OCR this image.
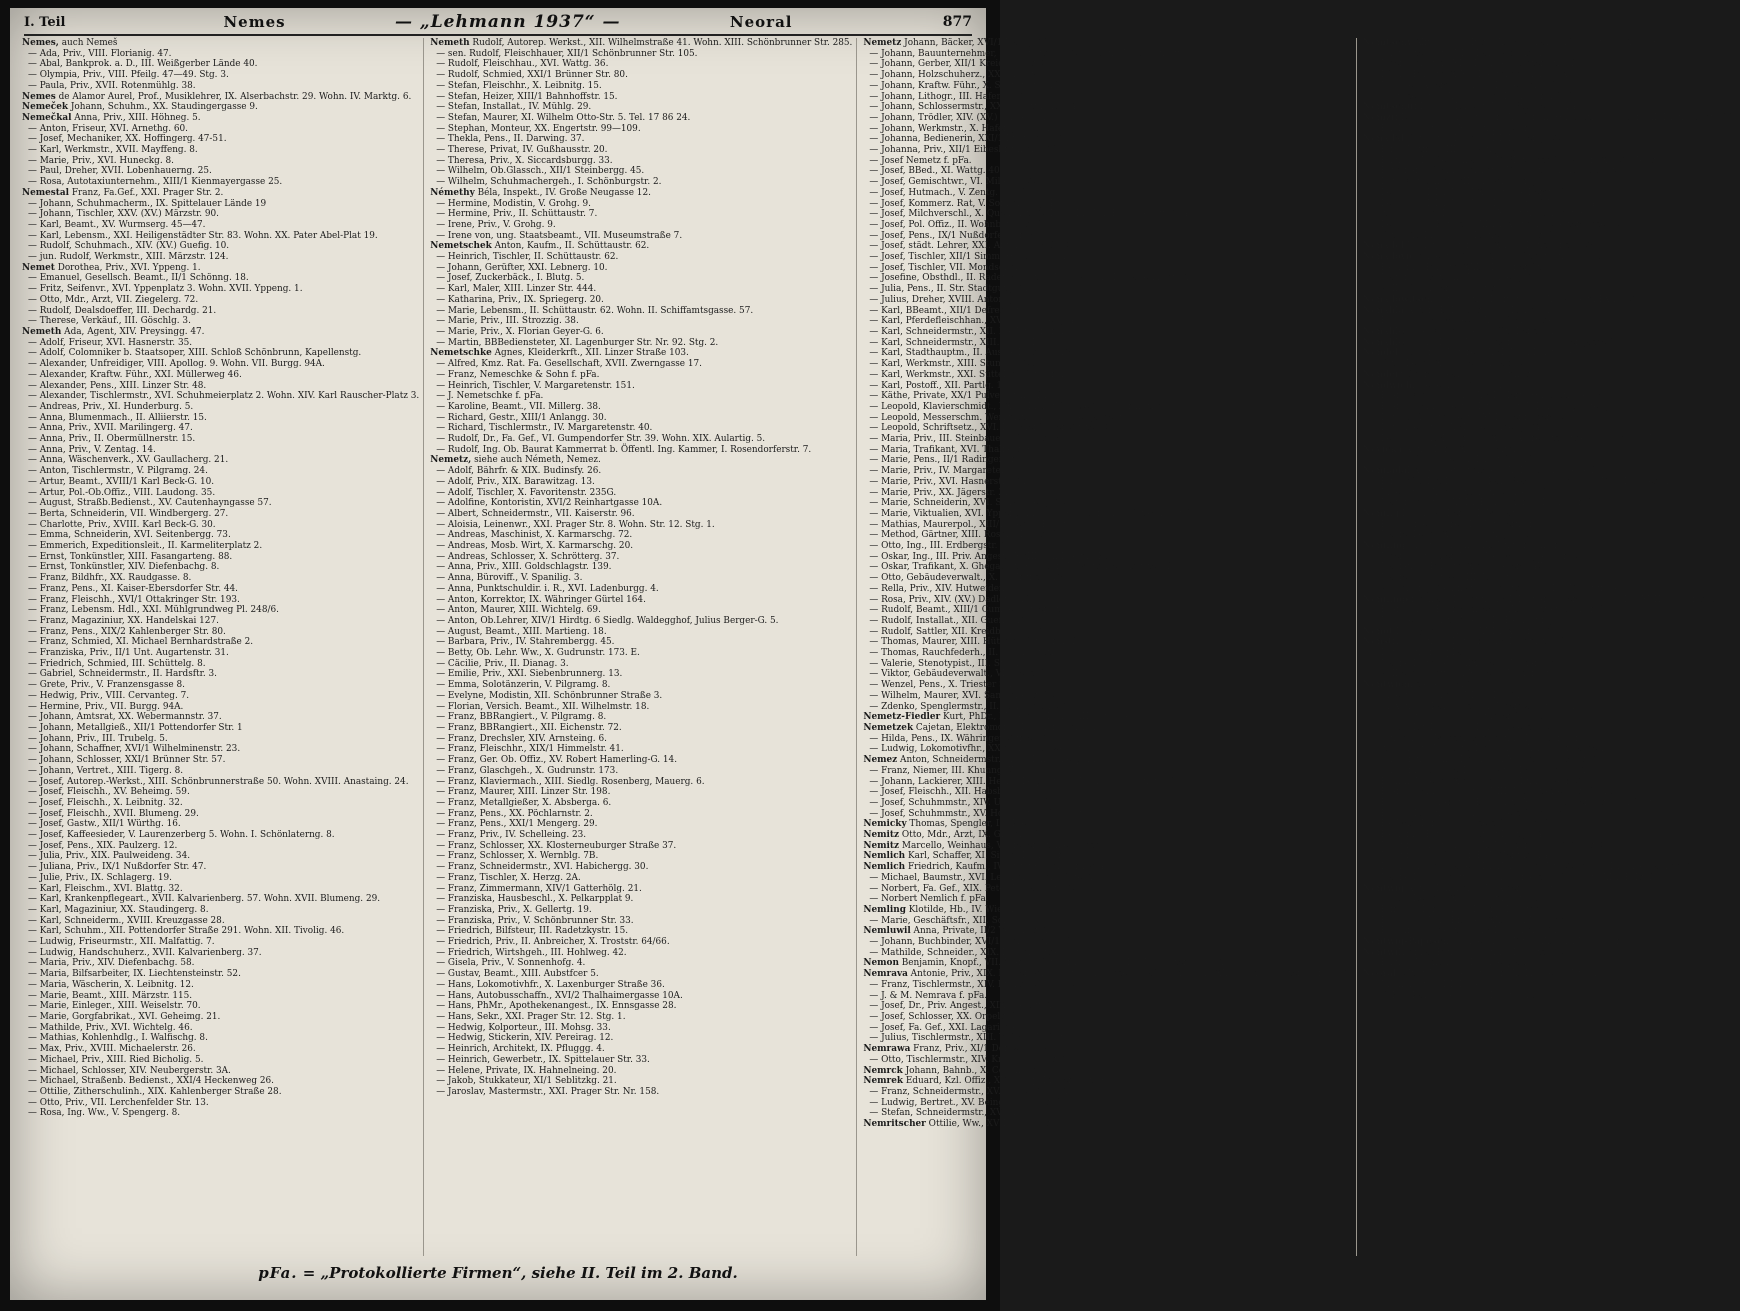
I. Teil	Nemes	— „Lehmann 1937“ —	Neoral	877
Nemes, auch Nemeš
— Ada, Priv., VIII. Florianig. 47.
— Abal, Bankprok. a. D., III. Weißgerber Lände 40.
— Olympia, Priv., VIII. Pfeilg. 47—49. Stg. 3.
— Paula, Priv., XVII. Rotenmühlg. 38.
Nemes de Alamor Aurel, Prof., Musiklehrer, IX. Alserbachstr. 29. Wohn. IV. Marktg. 6.
Nemeček Johann, Schuhm., XX. Staudingergasse 9.
Nemečkal Anna, Priv., XIII. Höhneg. 5.
— Anton, Friseur, XVI. Arnethg. 60.
— Josef, Mechaniker, XX. Hoffingerg. 47-51.
— Karl, Werkmstr., XVII. Mayffeng. 8.
— Marie, Priv., XVI. Huneckg. 8.
— Paul, Dreher, XVII. Lobenhauerng. 25.
— Rosa, Autotaxiunternehm., XIII/1 Kienmayergasse 25.
Nemestal Franz, Fa.Gef., XXI. Prager Str. 2.
— Johann, Schuhmacherm., IX. Spittelauer Lände 19
— Johann, Tischler, XXV. (XV.) Märzstr. 90.
— Karl, Beamt., XV. Wurmserg. 45—47.
— Karl, Lebensm., XXI. Heiligenstädter Str. 83. Wohn. XX. Pater Abel-Plat 19.
— Rudolf, Schuhmach., XIV. (XV.) Guefig. 10.
— jun. Rudolf, Werkmstr., XIII. Märzstr. 124.
Nemet Dorothea, Priv., XVI. Yppeng. 1.
— Emanuel, Gesellsch. Beamt., II/1 Schönng. 18.
— Fritz, Seifenvr., XVI. Yppenplatz 3. Wohn. XVII. Yppeng. 1.
— Otto, Mdr., Arzt, VII. Ziegelerg. 72.
— Rudolf, Dealsdoeffer, III. Dechardg. 21.
— Therese, Verkäuf., III. Göschlg. 3.
Nemeth Ada, Agent, XIV. Preysingg. 47.
— Adolf, Friseur, XVI. Hasnerstr. 35.
— Adolf, Colomniker b. Staatsoper, XIII. Schloß Schönbrunn, Kapellenstg.
— Alexander, Unfreidiger, VIII. Apollog. 9. Wohn. VII. Burgg. 94A.
— Alexander, Kraftw. Führ., XXI. Müllerweg 46.
— Alexander, Pens., XIII. Linzer Str. 48.
— Alexander, Tischlermstr., XVI. Schuhmeierplatz 2. Wohn. XIV. Karl Rauscher-Platz 3.
— Andreas, Priv., XI. Hunderburg. 5.
— Anna, Blumenmach., II. Alliierstr. 15.
— Anna, Priv., XVII. Marilingerg. 47.
— Anna, Priv., II. Obermüllnerstr. 15.
— Anna, Priv., V. Zentag. 14.
— Anna, Wäschenverk., XV. Gaullacherg. 21.
— Anton, Tischlermstr., V. Pilgramg. 24.
— Artur, Beamt., XVIII/1 Karl Beck-G. 10.
— Artur, Pol.-Ob.Offiz., VIII. Laudong. 35.
— August, Straßb.Bedienst., XV. Cautenhayngasse 57.
— Berta, Schneiderin, VII. Windbergerg. 27.
— Charlotte, Priv., XVIII. Karl Beck-G. 30.
— Emma, Schneiderin, XVI. Seitenbergg. 73.
— Emmerich, Expeditionsleit., II. Karmeliterplatz 2.
— Ernst, Tonkünstler, XIII. Fasangarteng. 88.
— Ernst, Tonkünstler, XIV. Diefenbachg. 8.
— Franz, Bildhfr., XX. Raudgasse. 8.
— Franz, Pens., XI. Kaiser-Ebersdorfer Str. 44.
— Franz, Fleischh., XVI/1 Ottakringer Str. 193.
— Franz, Lebensm. Hdl., XXI. Mühlgrundweg Pl. 248/6.
— Franz, Magaziniur, XX. Handelskai 127.
— Franz, Pens., XIX/2 Kahlenberger Str. 80.
— Franz, Schmied, XI. Michael Bernhardstraße 2.
— Franziska, Priv., II/1 Unt. Augartenstr. 31.
— Friedrich, Schmied, III. Schüttelg. 8.
— Gabriel, Schneidermstr., II. Hardsftr. 3.
— Grete, Priv., V. Franzensgasse 8.
— Hedwig, Priv., VIII. Cervanteg. 7.
— Hermine, Priv., VII. Burgg. 94A.
— Johann, Amtsrat, XX. Webermannstr. 37.
— Johann, Metallgieß., XII/1 Pottendorfer Str. 1
— Johann, Priv., III. Trubelg. 5.
— Johann, Schaffner, XVI/1 Wilhelminenstr. 23.
— Johann, Schlosser, XXI/1 Brünner Str. 57.
— Johann, Vertret., XIII. Tigerg. 8.
— Josef, Autorep.-Werkst., XIII. Schönbrunnerstraße 50. Wohn. XVIII. Anastaing. 24.
— Josef, Fleischh., XV. Beheimg. 59.
— Josef, Fleischh., X. Leibnitg. 32.
— Josef, Fleischh., XVII. Blumeng. 29.
— Josef, Gastw., XII/1 Würthg. 16.
— Josef, Kaffeesieder, V. Laurenzerberg 5. Wohn. I. Schönlaterng. 8.
— Josef, Pens., XIX. Paulzerg. 12.
— Julia, Priv., XIX. Paulweideng. 34.
— Juliana, Priv., IX/1 Nußdorfer Str. 47.
— Julie, Priv., IX. Schlagerg. 19.
— Karl, Fleischm., XVI. Blattg. 32.
— Karl, Krankenpflegeart., XVII. Kalvarienberg. 57. Wohn. XVII. Blumeng. 29.
— Karl, Magaziniur, XX. Staudingerg. 8.
— Karl, Schneiderm., XVIII. Kreuzgasse 28.
— Karl, Schuhm., XII. Pottendorfer Straße 291. Wohn. XII. Tivolig. 46.
— Ludwig, Friseurmstr., XII. Malfattig. 7.
— Ludwig, Handschuherz., XVII. Kalvarienberg. 37.
— Maria, Priv., XIV. Diefenbachg. 58.
— Maria, Bilfsarbeiter, IX. Liechtensteinstr. 52.
— Maria, Wäscherin, X. Leibnitg. 12.
— Marie, Beamt., XIII. Märzstr. 115.
— Marie, Einleger., XIII. Weiselstr. 70.
— Marie, Gorgfabrikat., XVI. Geheimg. 21.
— Mathilde, Priv., XVI. Wichtelg. 46.
— Mathias, Kohlenhdlg., I. Walfischg. 8.
— Max, Priv., XVIII. Michaelerstr. 26.
— Michael, Priv., XIII. Ried Bicholig. 5.
— Michael, Schlosser, XIV. Neubergerstr. 3A.
— Michael, Straßenb. Bedienst., XXI/4 Heckenweg 26.
— Ottilie, Zitherschulinh., XIX. Kahlenberger Straße 28.
— Otto, Priv., VII. Lerchenfelder Str. 13.
— Rosa, Ing. Ww., V. Spengerg. 8.
Nemeth Rudolf, Autorep. Werkst., XII. Wilhelmstraße 41. Wohn. XIII. Schönbrunner Str. 285.
— sen. Rudolf, Fleischhauer, XII/1 Schönbrunner Str. 105.
— Rudolf, Fleischhau., XVI. Wattg. 36.
— Rudolf, Schmied, XXI/1 Brünner Str. 80.
— Stefan, Fleischhr., X. Leibnitg. 15.
— Stefan, Heizer, XIII/1 Bahnhoffstr. 15.
— Stefan, Installat., IV. Mühlg. 29.
— Stefan, Maurer, XI. Wilhelm Otto-Str. 5. Tel. 17 86 24.
— Stephan, Monteur, XX. Engertstr. 99—109.
— Thekla, Pens., II. Darwing. 37.
— Therese, Privat, IV. Gußhausstr. 20.
— Theresa, Priv., X. Siccardsburgg. 33.
— Wilhelm, Ob.Glassch., XII/1 Steinbergg. 45.
— Wilhelm, Schuhmachergeh., I. Schönburgstr. 2.
Némethy Béla, Inspekt., IV. Große Neugasse 12.
— Hermine, Modistin, V. Grohg. 9.
— Hermine, Priv., II. Schüttaustr. 7.
— Irene, Priv., V. Grohg. 9.
— Irene von, ung. Staatsbeamt., VII. Museumstraße 7.
Nemetschek Anton, Kaufm., II. Schüttaustr. 62.
— Heinrich, Tischler, II. Schüttaustr. 62.
— Johann, Gerüfter, XXI. Lebnerg. 10.
— Josef, Zuckerbäck., I. Blutg. 5.
— Karl, Maler, XIII. Linzer Str. 444.
— Katharina, Priv., IX. Spriegerg. 20.
— Marie, Lebensm., II. Schüttaustr. 62. Wohn. II. Schiffamtsgasse. 57.
— Marie, Priv., III. Strozzig. 38.
— Marie, Priv., X. Florian Geyer-G. 6.
— Martin, BBBediensteter, XI. Lagenburger Str. Nr. 92. Stg. 2.
Nemetschke Agnes, Kleiderkrft., XII. Linzer Straße 103.
— Alfred, Kmz. Rat. Fa. Gesellschaft, XVII. Zwerngasse 17.
— Franz, Nemeschke & Sohn f. pFa.
— Heinrich, Tischler, V. Margaretenstr. 151.
— J. Nemetschke f. pFa.
— Karoline, Beamt., VII. Millerg. 38.
— Richard, Gestr., XIII/1 Anlangg. 30.
— Richard, Tischlermstr., IV. Margaretenstr. 40.
— Rudolf, Dr., Fa. Gef., VI. Gumpendorfer Str. 39. Wohn. XIX. Aulartig. 5.
— Rudolf, Ing. Ob. Baurat Kammerrat b. Öffentl. Ing. Kammer, I. Rosendorferstr. 7.
Nemetz, siehe auch Németh, Nemez.
— Adolf, Bährfr. & XIX. Budinsfy. 26.
— Adolf, Priv., XIX. Barawitzag. 13.
— Adolf, Tischler, X. Favoritenstr. 235G.
— Adolfine, Kontoristin, XVI/2 Reinhartgasse 10A.
— Albert, Schneidermstr., VII. Kaiserstr. 96.
— Aloisia, Leinenwr., XXI. Prager Str. 8. Wohn. Str. 12. Stg. 1.
— Andreas, Maschinist, X. Karmarschg. 72.
— Andreas, Mosb. Wirt, X. Karmarschg. 20.
— Andreas, Schlosser, X. Schrötterg. 37.
— Anna, Priv., XIII. Goldschlagstr. 139.
— Anna, Büroviff., V. Spanilig. 3.
— Anna, Punktschuldir. i. R., XVI. Ladenburgg. 4.
— Anton, Korrektor, IX. Währinger Gürtel 164.
— Anton, Maurer, XIII. Wichtelg. 69.
— Anton, Ob.Lehrer, XIV/1 Hirdtg. 6 Siedlg. Waldegghof, Julius Berger-G. 5.
— August, Beamt., XIII. Martieng. 18.
— Barbara, Priv., IV. Stahrembergg. 45.
— Betty, Ob. Lehr. Ww., X. Gudrunstr. 173. E.
— Cäcilie, Priv., II. Dianag. 3.
— Emilie, Priv., XXI. Siebenbrunnerg. 13.
— Emma, Solotänzerin, V. Pilgramg. 8.
— Evelyne, Modistin, XII. Schönbrunner Straße 3.
— Florian, Versich. Beamt., XII. Wilhelmstr. 18.
— Franz, BBRangiert., V. Pilgramg. 8.
— Franz, BBRangiert., XII. Eichenstr. 72.
— Franz, Drechsler, XIV. Arnsteing. 6.
— Franz, Fleischhr., XIX/1 Himmelstr. 41.
— Franz, Ger. Ob. Offiz., XV. Robert Hamerling-G. 14.
— Franz, Glaschgeh., X. Gudrunstr. 173.
— Franz, Klaviermach., XIII. Siedlg. Rosenberg, Mauerg. 6.
— Franz, Maurer, XIII. Linzer Str. 198.
— Franz, Metallgießer, X. Absberga. 6.
— Franz, Pens., XX. Pöchlarnstr. 2.
— Franz, Pens., XXI/1 Mengerg. 29.
— Franz, Priv., IV. Schelleing. 23.
— Franz, Schlosser, XX. Klosterneuburger Straße 37.
— Franz, Schlosser, X. Wernblg. 7B.
— Franz, Schneidermstr., XVI. Habichergg. 30.
— Franz, Tischler, X. Herzg. 2A.
— Franz, Zimmermann, XIV/1 Gatterhölg. 21.
— Franziska, Hausbeschl., X. Pelkarpplat 9.
— Franziska, Priv., X. Gellertg. 19.
— Franziska, Priv., V. Schönbrunner Str. 33.
— Friedrich, Bilfsteur, III. Radetzkystr. 15.
— Friedrich, Priv., II. Anbreicher, X. Troststr. 64/66.
— Friedrich, Wirtshgeh., III. Hohlweg. 42.
— Gisela, Priv., V. Sonnenhofg. 4.
— Gustav, Beamt., XIII. Aubstfcer 5.
— Hans, Lokomotivhfr., X. Laxenburger Straße 36.
— Hans, Autobusschaffn., XVI/2 Thalhaimergasse 10A.
— Hans, PhMr., Apothekenangest., IX. Ennsgasse 28.
— Hans, Sekr., XXI. Prager Str. 12. Stg. 1.
— Hedwig, Kolporteur., III. Mohsg. 33.
— Hedwig, Stickerin, XIV. Pereirag. 12.
— Heinrich, Architekt, IX. Pfluggg. 4.
— Heinrich, Gewerbetr., IX. Spittelauer Str. 33.
— Helene, Private, IX. Hahnelneing. 20.
— Jakob, Stukkateur, XI/1 Seblitzkg. 21.
— Jaroslav, Mastermstr., XXI. Prager Str. Nr. 158.
Nemetz Johann, Bäcker, XVI/1 Wattg. 18.
— Johann, Bauunternehmer, IV. Rainergasse 29. Wohn. IV. Johann Strauß-G. 21.
— Johann, Gerber, XII/1 Kreidbauerg. 33.
— Johann, Holzschuherz., XX. Kluckyg. 17.
— Johann, Kraftw. Führ., X. Schrötterg. 18.
— Johann, Lithogr., III. Hafeng. 21.
— Johann, Schlossermstr., XX. Brigittagasse 4.
— Johann, Trödler, XIV. (XV.) Dadlerg. 18.
— Johann, Werkmstr., X. Hafeng. 35—41.
— Johanna, Bedienerin, XXI/1 Enenkelstr. 2.
— Johanna, Priv., XII/1 Eibesbrunnerg. 13.
— Josef Nemetz f. pFa.
— Josef, BBed., XI. Wattg. 40.
— Josef, Gemischtwr., VI. Millerg. 22.
— Josef, Hutmach., V. Zentg. 35—37. St 4.
— Josef, Kommerz. Rat, V. Sonnenhofg. 4.
— Josef, Milchverschl., X. Quellenstr. 24B. Wohn. XX. Favoritenstr. 174.
— Josef, Pol. Offiz., II. Wohnbergerg. 3.
— Josef, Pens., IX/1 Nußdorfer Str. 76.
— Josef, städt. Lehrer, XXI. Anton Böck-G. 13.
— Josef, Tischler, XII/1 Simm. Hauptstr. 131.
— Josef, Tischler, VII. Mondscheing. 12.
— Josefine, Obsthdl., II. Radetzkyplatz. Marat Wohn. III. Radetzkystr. 15.
— Julia, Pens., II. Str. Stadtgutg. 11.
— Julius, Dreher, XVIII. Antonig. 50.
— Karl, BBeamt., XII/1 Defreggerstr. 79.
— Karl, Pferdefleischhan., XVII. Roseggerg. 47.
— Karl, Schneidermstr., XII. Riederhofstr. 18.
— Karl, Schneidermstr., XIII. Riederhofstr. 18.
— Karl, Stadthauptm., II. Ausstellungsstr. 171.
— Karl, Werkmstr., XIII. Stumpfg. 20.
— Karl, Werkmstr., XXI. Süttelsdorfer Str. 180.
— Karl, Postoff., XII. Partlg. 16.
— Käthe, Private, XX/1 Pulverturmg. 21.
— Leopold, Klavierschmidt., XXIII. Linzer Straße 209. Nörarathe 22.
— Leopold, Messerschm. Werkmstr., XVI. Zeillergasse 98.
— Leopold, Schriftsetz., XVI. Lerchenfelder Gürtel 53.
— Maria, Priv., III. Steinbauerg. 36. Stg. 7.
— Maria, Trafikant, XVI. Thaliastr. 60.
— Marie, Pens., II/1 Radingerstr. 8.
— Marie, Priv., IV. Margaretenstr. 12.
— Marie, Priv., XVI. Hasnerstr. 111.
— Marie, Priv., XX. Jägerstr. 21.
— Marie, Schneiderin, XVI. Schwaigerg. 12.
— Marie, Viktualien, XVI. Yppenplatz Std. 26. Wohn. XVI. Ottakringer Str. 35.
— Mathias, Maurerpol., XIII/1 Siedlg. Rosenb.
— Method, Gärtner, XIII. Rosental Sdlg. 640.
— Otto, Ing., III. Erdbergstr. 101.
— Oskar, Ing., III. Priv. Angest., XVIII. Am Dreimarkstein 7.
— Oskar, Trafikant, X. Ghegaplatz 6. Wohn. V. Margaretengürtel 82.
— Otto, Gebäudeverwalt., X. Gudrunstr. 173.
— Rella, Priv., XIV. Hutweideng. 17.
— Rosa, Priv., XIV. (XV.) Dadlerg. 18.
— Rudolf, Beamt., XIII/1 Cumpendorfer Str. 3.
— Rudolf, Installat., XII. Guefig. 12.
— Rudolf, Sattler, XII. Kreidbauerg. 11.
— Thomas, Maurer, XIII. Hütteldorfer Str. 172.
— Thomas, Rauchfederh., II. Radingerstr. 9.
— Valerie, Stenotypist., III. Strohg. 11.
— Viktor, Gebäudeverwalt., VI. Neustiftg. 49.
— Wenzel, Pens., X. Triester Str. 15.
— Wilhelm, Maurer, XVI. Sandleiteng. 32.
— Zdenko, Spenglermstr., II. Schüttelstr. 51.
Nemetz-Fiedler Kurt, PhDr., Mittelschullehr., XII. Strohberg. 11.
Nemetzek Cajetan, Elektromont., I. Schönlaterngasse 7A.
— Hilda, Pens., IX. Währinger Gürtel 12.
— Ludwig, Lokomotivfhr., XXV. (XV.) Schweglerstr. 18.
Nemez Anton, Schneidermstr., XVII. Parhamerplatz 6.
— Franz, Niemer, III. Khunng. 7.
— Johann, Lackierer, XIII. Hern. Hauptstr. 90. Wohn. XVI. Sanerg. 6.
— Josef, Fleischh., XII. Habsburgg. 18.
— Josef, Schuhmmstr., XIV. Ulbrichg. 26.
— Josef, Schuhmmstr., XV. Holocherg. 38. Wohn. Nr. 49.
Nemicky Thomas, Spengler, III. Kleiftg. 3.
Nemitz Otto, Mdr., Arzt, IX. Glaserg. 6.
Nemitz Marcello, Weinhaus, V. Sieberbrunnengasse 43.
Nemlich Karl, Schaffer, XI. Simm. Hauptstr. 22.
Nemlich Friedrich, Kaufm., IV. Prinz Eugen-Straße 4.
— Michael, Baumstr., XVI. Lerchenfelder Gürtel 1.
— Norbert, Fa. Gef., XIX. Peter-Jordan-Str. 82.
— Norbert Nemlich f. pFa.
Nemling Klotilde, Hb., IV. Wiedner Gürtel 8.
— Marie, Geschäftsfr., XII. Schöpferg. 7.
Nemluwil Anna, Private, II/2 Vereinsg. 12.
— Johann, Buchbinder, XVI/1 Lienfelderg. 83.
— Mathilde, Schneider., XIX. Kahlenberger Str. 1.
Nemon Benjamin, Knopf., VII. Mariahilfer Straße 120. Wohn. VII. Esterhazyg. 12.
Nemrava Antonie, Priv., XIX. Kahlenbergerdorf. Str., Gesellschaft Geflügelh., XXI. An d. ob. alten Donau 11.
— Franz, Tischlermstr., XIV. Kröllg. 29. Stg. 2.
— J. & M. Nemrava f. pFa.
— Josef, Dr., Priv. Angest., XIX. Paststr. 107.
— Josef, Schlosser, XX. Orpelg. 8.
— Josef, Fa. Gef., XXI. Lagariftnerg. 4.
— Julius, Tischlermstr., XIII. Wiffkondorfstr. 16.
Nemrawa Franz, Priv., XI/1 Dorfwg. 109.
— Otto, Tischlermstr., XIV. Kröllg. 29. Stg. 2.
Nemrck Johann, Bahnb., X. Columbusg. 80.
Nemrek Eduard, Kzl. Offiz., XVI. Leopoldauer Plat 76.
— Franz, Schneidermstr., XV. Pilistg. 29—31.
— Ludwig, Bertret., XV. Being. 7—9. Stg. 3.
— Stefan, Schneidermstr., XV. Pilistg. 13.
Nemritscher Ottilie, Ww., XVIII. Antonig. 90.
Nemtschy Alfred, dipl. Ing., IX. Porzellang. 18. Wohn. Nr. 14—16.
— Charlotte, Priv., XIX. Barawitzkag. 16.
— Josef, Reisend., XIX. Heiligenstädter Str. 52.
— Käthe, Private, XIX/1 Rautenstrauchg. 1A.
— Michael, Altersfondhgb., I. Sterneng. 6.
— Therese, Priv., XII/1 Simm. Hauptstr. 108C.
Nemtschuf Rudolf, Bäcker, VIII. Buchfeldg. 14.
Nemzif Emil, Buchbindermstr., XI. Simm. Hauptstr. 69. Wohn. XI. Rinnbockstr. 68.
— Emil, Papierhdl., XI. Rinnböckstr. 68.
Nenadal Christine, Private, III. Löweng. 22.
— Elfe, Zeitfrau, III. Löweng. 22.
— Emmerich, Fleischhau., XV. Blutgasse 35. Wohn. XV. Goldegg. 18A.
— Ferdinand, Schneidermstr., VII. Neubaugasse 59. Stg. 1.
— Karl, Kürschner, VII. Siebensterng. 54.
— Leopold, Holzhdlg., XX. Dürnbacherstr. 6.
— Leopold, Holzhdlg., XIX. Heiligenstädter Str. 64.
— jun. Leopold, Holzhdlg., XX. Dürnbacherstr. 6.
— Leopold, Plakatmstr., XIX/1 Albrechtskreitergasse 12.
— Otto, Tischler, VIII. Höhneg. 11. Stg. 6.
Nenadel Johann, Platzmstr., XX. Wallensteinstr. 27.
Nenadovic Angelina, Tab. Traf., V. Straußengasse 15.
— Hermine, Private, XXI/1 Brünner Str. 85.
— Mathias, Schuhm., V. Spengerg. 1.
— Wilh., Schuster., V. Spengerg. 1.
Nenadowitsch Konstantin, Hofrat i. P., IX. Wilhelm Exner-G. 25.
Nenahla Anton, Beledobg., III. Hörneg. 13.
— Friedrich, Verw. Sekr., XIII. Schöllingerg. 36.
Nenahlo Julie, Konditorei, X. Quellenstr. 156.
Nenahlo Franz, Ld., Med. Drogist, VIII. Blindengasse 8.
Nendel Gottfried, Vertret., XVI. Montleartstraße 18.
— Otto, Pens., XVI. Nietschplatz 2.
Nendert Georg, Beamt., III. Stammg. 6.
Nendwich, siehe auch Nentwich.
— Franz, Kraftw. Führ., XVII. Hern. Hauptstraße 77.
— Franz, Schuhobertheilerrichter, XIII/1 Koppreiterg. 8—10. Stiege 14.
— Karl, Offiz. Stellvertr., XVI. Lienfelderg. 57.
— Karoline, Priv., XVI. Lienfelderg. 74.
— Leopold, Taschnermstr., XII/1 Albrechtsbergerg. 10. Wohn. Nr. 12.
Nevicka Anna, Priv., XIII. Sechterg. 20.
— Stefan, Schlosser, X. Laaer Str. 131.
Nennadal Albert, Anstreicher, IX. Luftkandlgasse 2.
— Elfe, Wäschrolle, XVIII. Karl Beck-G. 55. Wohn. XVIII. Höhneg. 11.
— Julie, Priv., XIV. Rauchfangkehrerg. 36.
— Mathilde, Priv., XXI/1 Floridsdorfer Hauptstr. 33.
Nennig Franz, Weber, XII. Malfattig. 13. Stg. 2.
— Friederike, Lehrer, IX. Jurmermannig. 17.
— Marie, Pens., XVIII. Antonig. 100.
Nenning Anton, Kaufm., XX. Universumstr. 48.
— Josef, Schweizer, XVII. Neuwaldegger Str. 20.
— Marianne, Private, XVII. Gauerg. 47.
— Marie, Oberstww., III. Ungarg. 36.
— Walter, Ing., Textilwr., I. Adlerg. 5. Wohn. VI. Stumperg. 47.
Nenninger Anna, Modistin, XVII. Kalvarienbergg. 45. Wohn. XVII. Beheimg. 51.
— Franz, Ing., Fabriksdirekt., XX. Shuttleworthstr. 8.
— Michael, Industr. Mal., VII. Hermanng. 9.
Nenot François, Dentist, XXI/1 Aufofstr. 23.
Nenstil Johann, Weberseß., XV. Dammstr. 36.
— Karl Nenstil f. pFa.
— Maria, Hotelbes., XIX. Peter Jordan-Str. 76.
— Wilhelm, Gastw., XIX. Peter Jordan-Str. 76.
Nentwich, siehe auch Nendwich.
— Albert, Bez. Insp., VI. Wallg. 11.
— Alexander, Kanzleiist., X. Josefstädter Str. 19.
— Anna, Priv., VIII. Josefstädter Str. 19.
— Anton, Buchdrucker, II/1 Stuwerstr. 25.
— sen. Anton, Messerschmiedmr., IX. Sobieskigasse 38.
— jun. Anton, Messerschmiedmr., IX/1 Thurngasse 19.
— Christian, Spark. Beamt., XIX. Krottenbachstr. 109.
— Christine, Ob. Rechn. Ratww., IV. Goldegg. 11.
— Edmund, Pens., XVI. Rudolf-G. Emm. Weiß-G. 1.
— Franz, Schuhfabrikant., VIII. Josefstädter Straße 19.
— Friedrich, Straßenb. Bedienst., XIII/1 Koppreiterg. 8—10. Stg. 3.
— Hans, Holzangest., XVII. Josefstädter Str. 85.
— Hedwig, Priv., VIII. Josefstädter Str. 85.
— Hermine, Pens., III. Löwenhertg. 14.
— Johann, Teleor. Insp., IX. Nußdorfer Str. 27. Stg. 3.
— Johanna, Ob. Offiz. i. P., V. Zentag. 14.
— Katharina, Viktualien, IX. Zeller Str. Nr. 22. Wohn. IX. Alserbachstr. 28.
— Maria, Friseurmstr., II. Obr. Donaustr. 33. Wohn. XIX. Erlg. 25.
Nentwig Anna, Filialleit., IX. Alserbachstr. 3.
— Anton, Beamt., XIII. Obermayerg. 5.
— Elfriede, Priv., XVII. Hern. Hauptstraße 148.
— Friedrich, JDr., Richter, XX. Karl Meißlstraße 5.
— Rudolf, Pofamentier., XVII. Steinerg. 11.
Nentwig-Papesch Sophie, Insp. Ww., XX. Karl Meißl-Str. 5.
Nentwill Anna, Pens., XI. Simm. Hauptstr. 26.
— Emme, Modistin, VIII. Alberplatz 5.
Neoral Eduard, Schneidermstr., X. Trasseng. Nr. 21.
— Juliana, Priv., III. Hafeng. 10.
— Oskar, Kartograph, III. Hegerg. 19.
pFa. = „Protokollierte Firmen“, siehe II. Teil im 2. Band.
